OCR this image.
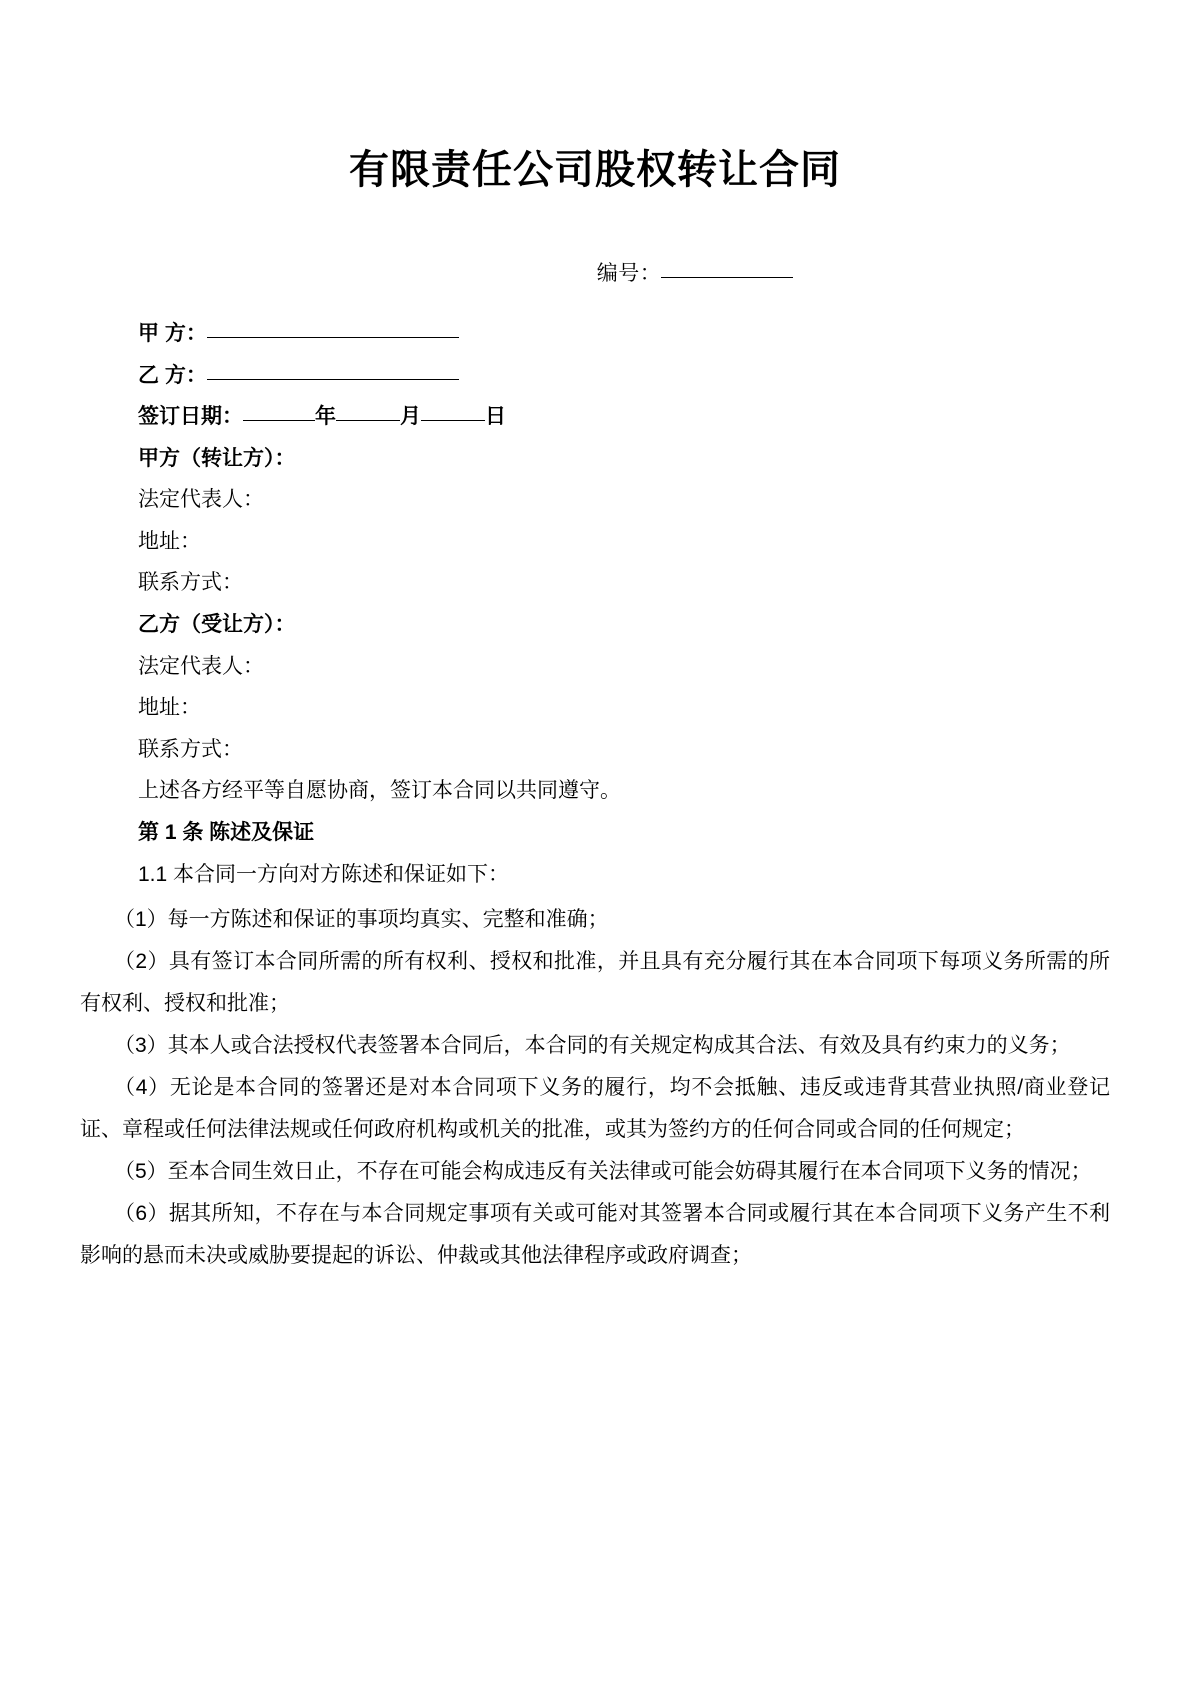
有限责任公司股权转让合同
编号：
甲 方：
乙 方：
签订日期：	年	月	日
甲方（转让方）：
法定代表人：
地址：
联系方式：
乙方（受让方）：
法定代表人：
地址：
联系方式：
上述各方经平等自愿协商，签订本合同以共同遵守。
第 1 条 陈述及保证
1.1 本合同一方向对方陈述和保证如下：

（1）每一方陈述和保证的事项均真实、完整和准确；

（2）具有签订本合同所需的所有权利、授权和批准，并且具有充分履行其在本合同项下每项义务所需的所有权利、授权和批准；

（3）其本人或合法授权代表签署本合同后，本合同的有关规定构成其合法、有效及具有约束力的义务；

（4）无论是本合同的签署还是对本合同项下义务的履行，均不会抵触、违反或违背其营业执照/商业登记证、章程或任何法律法规或任何政府机构或机关的批准，或其为签约方的任何合同或合同的任何规定；

（5）至本合同生效日止，不存在可能会构成违反有关法律或可能会妨碍其履行在本合同项下义务的情况；

（6）据其所知，不存在与本合同规定事项有关或可能对其签署本合同或履行其在本合同项下义务产生不利影响的悬而未决或威胁要提起的诉讼、仲裁或其他法律程序或政府调查；
